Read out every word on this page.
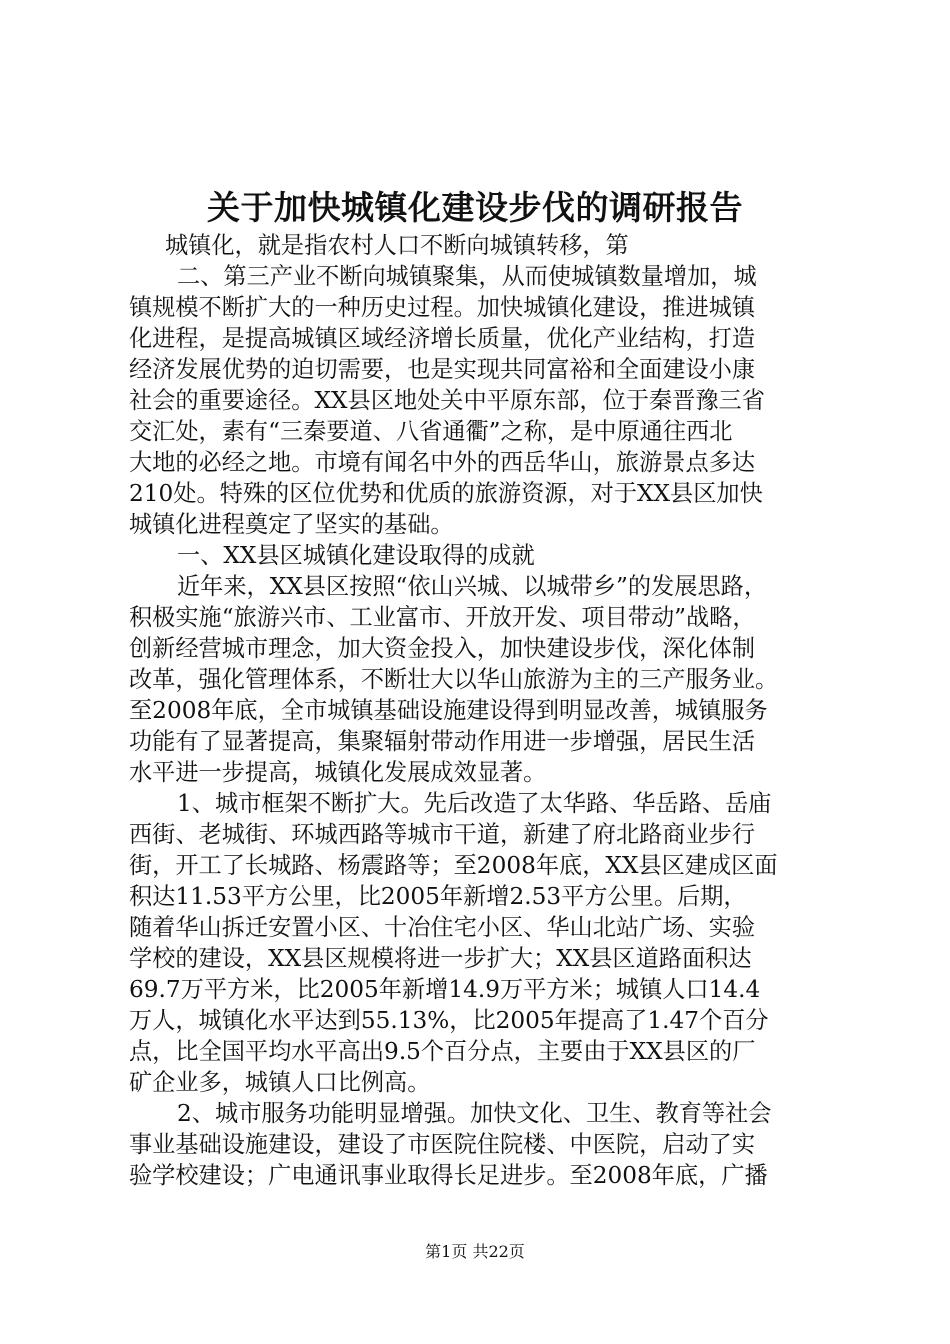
关于加快城镇化建设步伐的调研报告
城镇化，就是指农村人口不断向城镇转移，第
二、第三产业不断向城镇聚集，从而使城镇数量增加，城
镇规模不断扩大的一种历史过程。加快城镇化建设，推进城镇
化进程，是提高城镇区域经济增长质量，优化产业结构，打造
经济发展优势的迫切需要，也是实现共同富裕和全面建设小康
社会的重要途径。XX县区地处关中平原东部，位于秦晋豫三省
交汇处，素有“三秦要道、八省通衢”之称，是中原通往西北
大地的必经之地。市境有闻名中外的西岳华山，旅游景点多达
210处。特殊的区位优势和优质的旅游资源，对于XX县区加快
城镇化进程奠定了坚实的基础。
一、XX县区城镇化建设取得的成就
近年来，XX县区按照“依山兴城、以城带乡”的发展思路，
积极实施“旅游兴市、工业富市、开放开发、项目带动”战略，
创新经营城市理念，加大资金投入，加快建设步伐，深化体制
改革，强化管理体系，不断壮大以华山旅游为主的三产服务业。
至2008年底，全市城镇基础设施建设得到明显改善，城镇服务
功能有了显著提高，集聚辐射带动作用进一步增强，居民生活
水平进一步提高，城镇化发展成效显著。
1、城市框架不断扩大。先后改造了太华路、华岳路、岳庙
西街、老城街、环城西路等城市干道，新建了府北路商业步行
街，开工了长城路、杨震路等；至2008年底，XX县区建成区面
积达11.53平方公里，比2005年新增2.53平方公里。后期，
随着华山拆迁安置小区、十冶住宅小区、华山北站广场、实验
学校的建设，XX县区规模将进一步扩大；XX县区道路面积达
69.7万平方米，比2005年新增14.9万平方米；城镇人口14.4
万人，城镇化水平达到55.13%，比2005年提高了1.47个百分
点，比全国平均水平高出9.5个百分点，主要由于XX县区的厂
矿企业多，城镇人口比例高。
2、城市服务功能明显增强。加快文化、卫生、教育等社会
事业基础设施建设，建设了市医院住院楼、中医院，启动了实
验学校建设；广电通讯事业取得长足进步。至2008年底，广播
第1页 共22页
